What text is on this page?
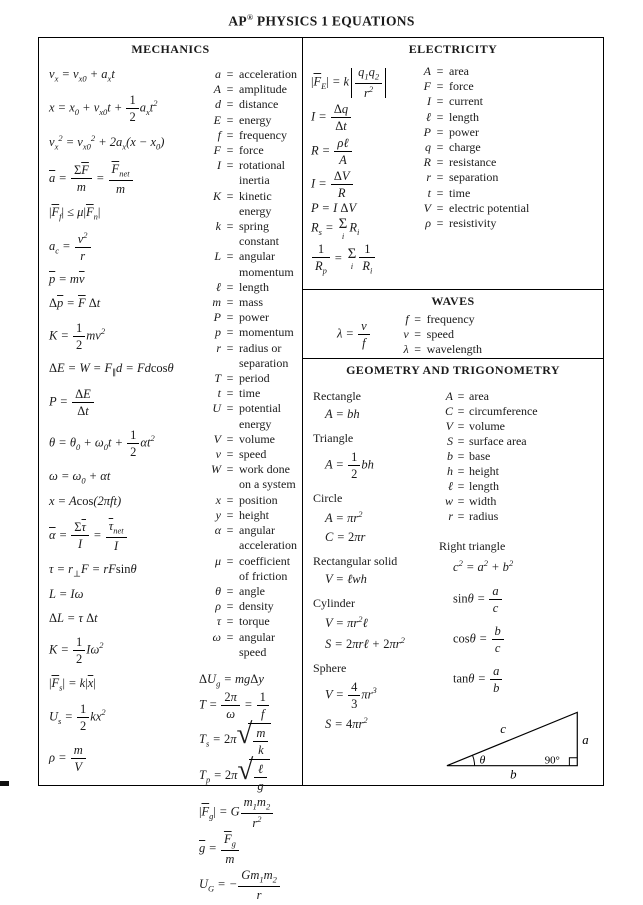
AP® PHYSICS 1 EQUATIONS
MECHANICS
$v_x = v_{x0} + a_xt$
$x = x_0 + v_{x0}t + \frac{1}{2} a_xt^2$
$v_x^2 = v_{x0}^2 + 2a_x(x - x_0)$
$\overline{a} = \frac{\Sigma\overline{F}}{m}$ =
$\overline{F}_{net}$
m
$|\overline{F}_f| \le \mu|\overline{F}_n|$
$a_c = \frac{v^2}{r}$
$\overline{p} = m\overline{v}$
$\Delta\overline{p} = \overline{F}$ Δt
$K = \frac{1}{2} mv^2$
$\Delta E = W = F_\parallel d = Fdcos\theta$
$P = \frac{\Delta E}{\Delta t}$
$\theta = \theta_0 + \omega_0t + \frac{1}{2} \alpha t^2$
$\omega = \omega_0 + \alpha t$
x = Acos(2πft)
$\overline{\alpha} = \frac{\Sigma\overline{\tau}}{I}$ =
$\overline{\tau}_{net}$
I
$\tau = r_\perp F = rFsin\theta$
L = Iω
ΔL = τ Δt
$K = \frac{1}{2} I\omega^2$
$|\overline{F}_s| = k|\overline{x}|$
$U_s = \frac{1}{2} kx^2$
$\rho = \frac{m}{V}$
a = acceleration
A = amplitude
d = distance
E = energy
f = frequency
F = force
I = rotational inertia
K = kinetic energy
k = spring constant
L = angular momentum
ℓ = length
m = mass
P = power
p = momentum
r = radius or separation
T = period
t = time
U = potential energy
V = volume
v = speed
W = work done on a system
x = position
y = height
α = angular acceleration
μ = coefficient of friction
θ = angle
ρ = density
τ = torque
ω = angular speed
$\Delta U_g = mg\Delta y$
$T = \frac{2\pi}{\omega} = \frac{1}{f}$
$T_s = 2\pi$ √ $\frac{m}{k}$
$T_p = 2\pi$ √ ℓ
g
$|\overline{F}_g| = G \frac{m_1m_2}{r^2}$
$\overline{g} = \frac{\overline{F}_g}{m}$
$U_G$ = − $\frac{Gm_1m_2}{r}$
ELECTRICITY
$|\overline{F}_E| = k \frac{q_1q_2}{r^2}$
$I = \frac{\Delta q}{\Delta t}$
R =
ρℓ
A
$I = \frac{\Delta V}{R}$
P = I ΔV
$R_s = \Sigma$
i
$R_i$
$\frac{1}{R_p} = \Sigma$
i $\frac{1}{R_i}$
A = area
F = force
I = current
ℓ = length
P = power
q = charge
R = resistance
r = separation
t = time
V = electric potential
ρ = resistivity
WAVES
$\lambda = \frac{v}{f}$	f = frequency
v = speed
λ = wavelength
GEOMETRY AND TRIGONOMETRY
Rectangle
A = bh
Triangle
$A = \frac{1}{2}$ bh
Circle
$A = \pi r^2$
C = 2πr
Rectangular solid
V = ℓwh
Cylinder
$V = \pi r^2\ell$
S = 2πrℓ + $2\pi r^2$
Sphere
$V = \frac{4}{3} \pi r^3$
$S = 4\pi r^2$
A = area
C = circumference
V = volume
S = surface area
b = base
h = height
ℓ = length
w = width
r = radius
Right triangle
$c^2 = a^2 + b^2$
$\sin\theta = \frac{a}{c}$
$\cos\theta = \frac{b}{c}$
$\tan\theta = \frac{a}{b}$
c
a
b
θ	90°
